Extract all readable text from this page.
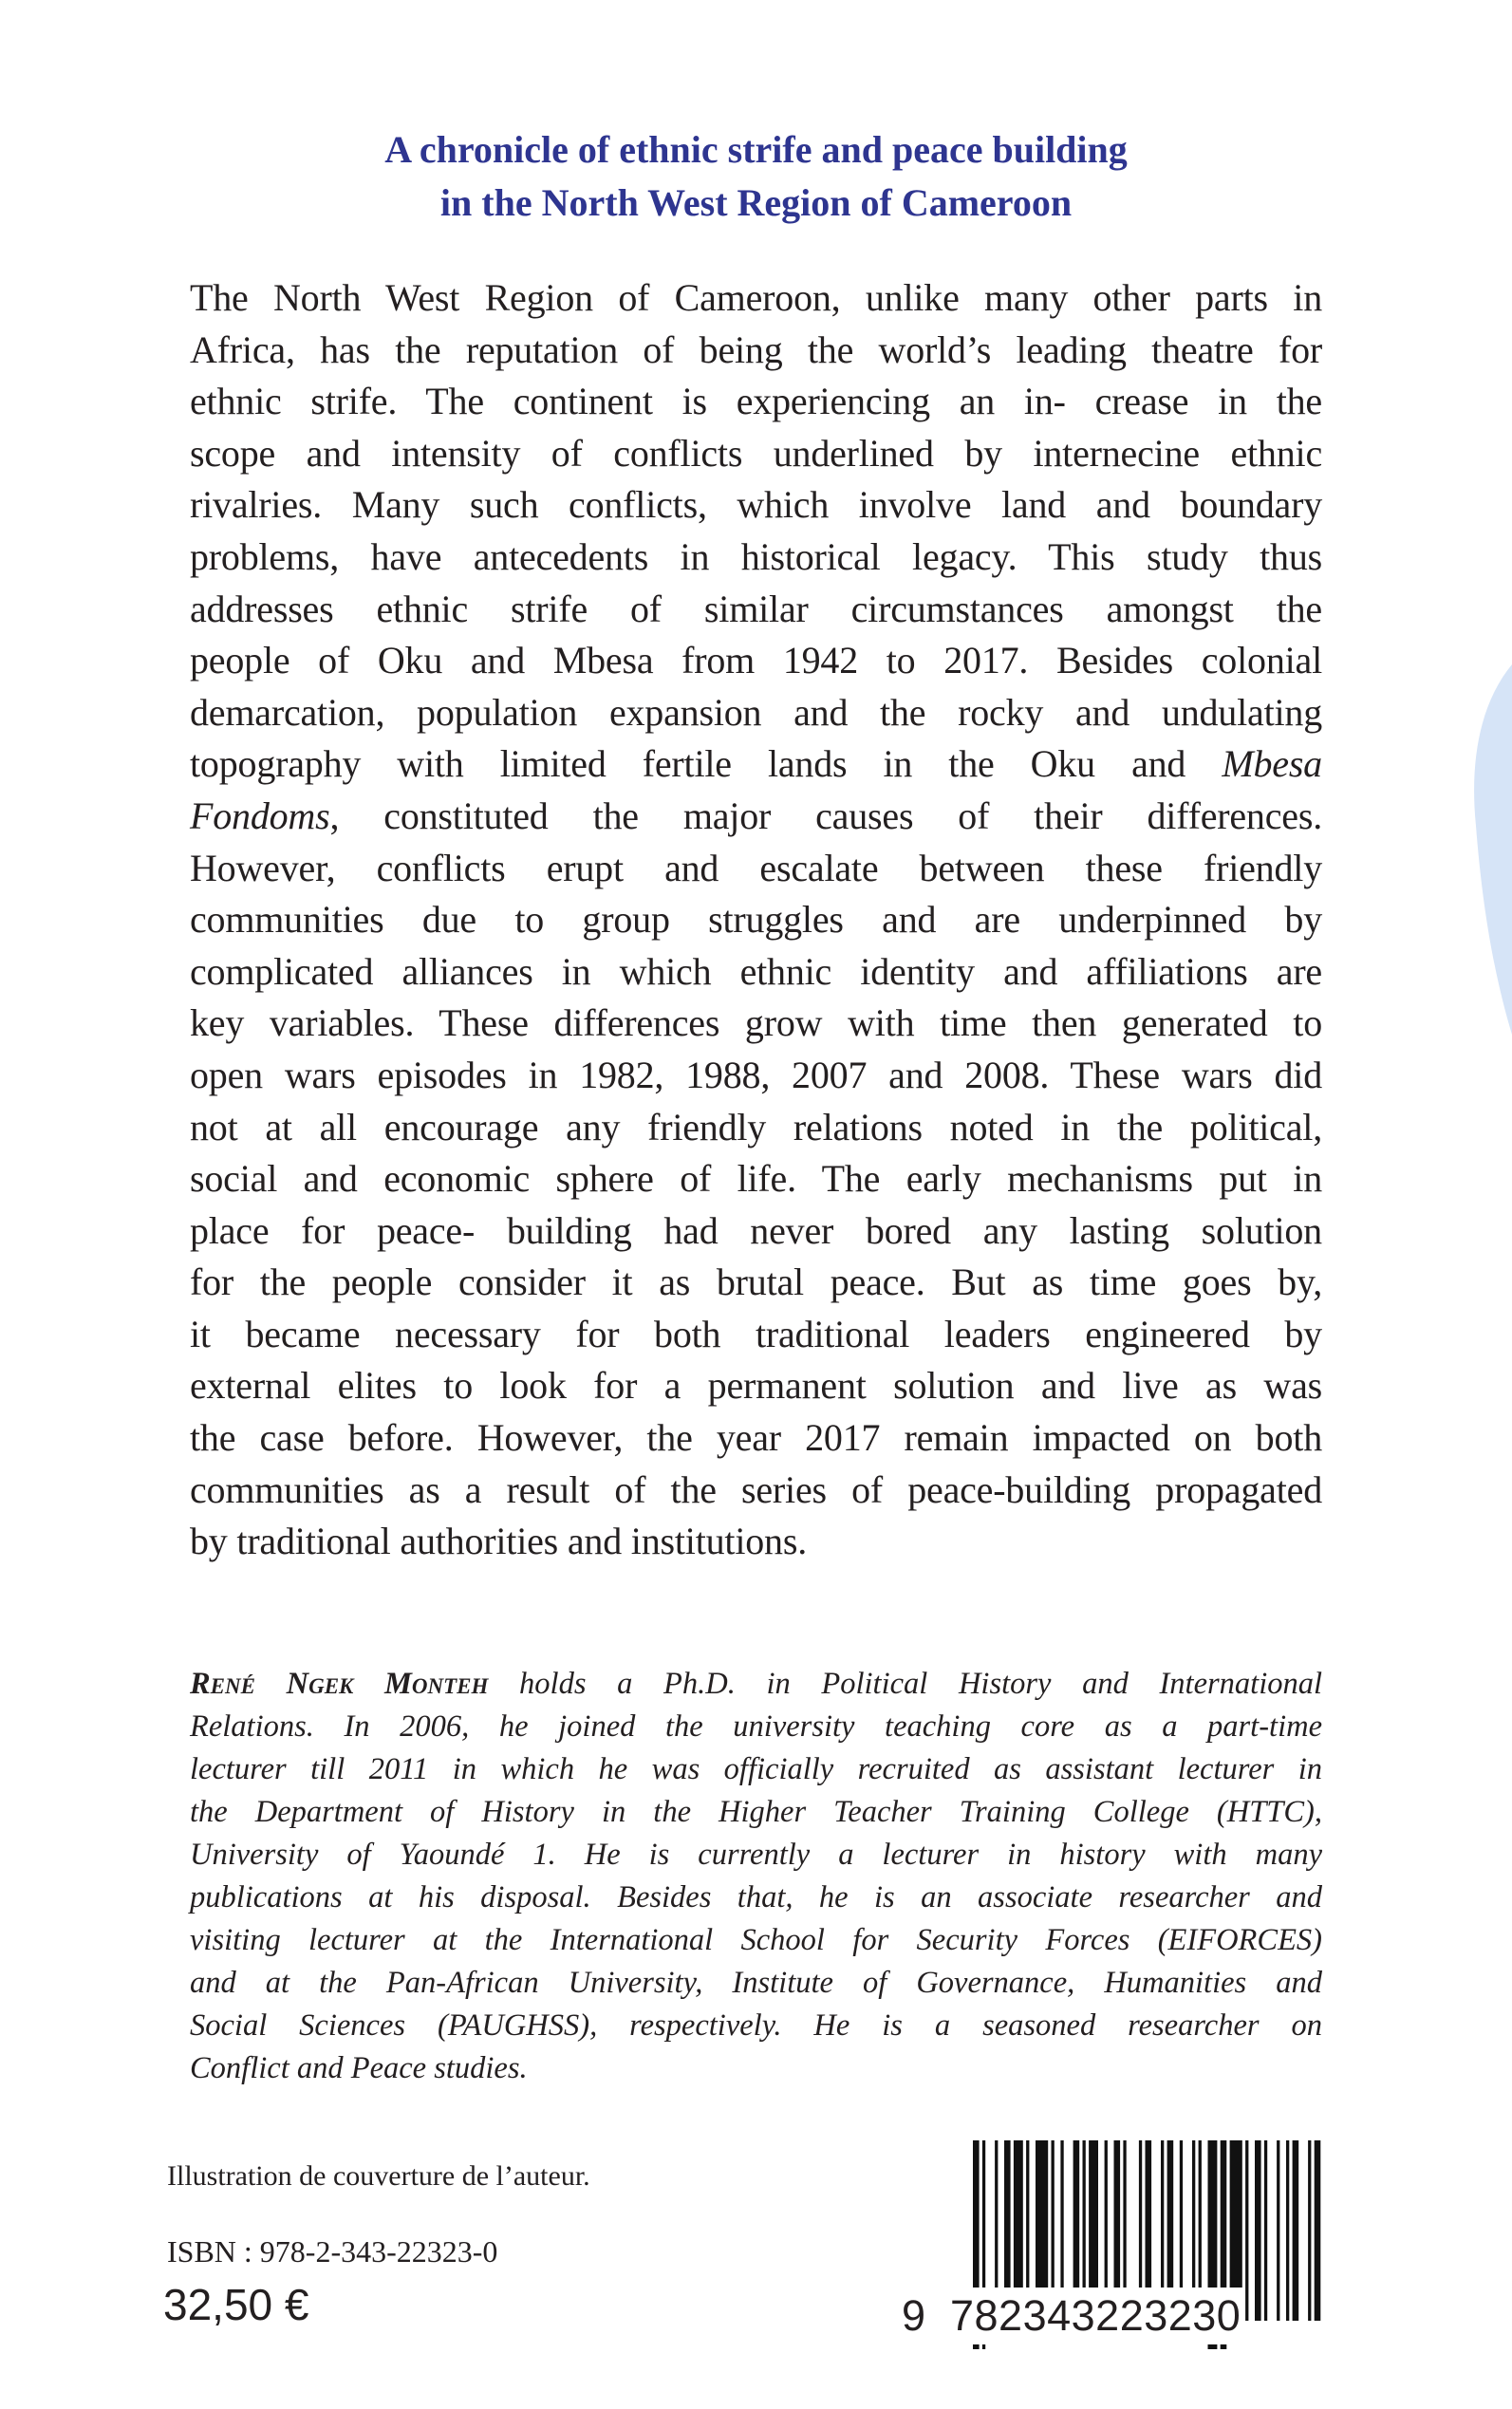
A chronicle of ethnic strife and peace building
in the North West Region of Cameroon
The North West Region of Cameroon, unlike many other parts in
Africa, has the reputation of being the world’s leading theatre for
ethnic strife. The continent is experiencing an in- crease in the
scope and intensity of conflicts underlined by internecine ethnic
rivalries. Many such conflicts, which involve land and boundary
problems, have antecedents in historical legacy. This study thus
addresses ethnic strife of similar circumstances amongst the
people of Oku and Mbesa from 1942 to 2017. Besides colonial
demarcation, population expansion and the rocky and undulating
topography with limited fertile lands in the Oku and Mbesa
Fondoms, constituted the major causes of their differences.
However, conflicts erupt and escalate between these friendly
communities due to group struggles and are underpinned by
complicated alliances in which ethnic identity and affiliations are
key variables. These differences grow with time then generated to
open wars episodes in 1982, 1988, 2007 and 2008. These wars did
not at all encourage any friendly relations noted in the political,
social and economic sphere of life. The early mechanisms put in
place for peace- building had never bored any lasting solution
for the people consider it as brutal peace. But as time goes by,
it became necessary for both traditional leaders engineered by
external elites to look for a permanent solution and live as was
the case before. However, the year 2017 remain impacted on both
communities as a result of the series of peace-building propagated
by traditional authorities and institutions.
René Ngek Monteh holds a Ph.D. in Political History and International
Relations. In 2006, he joined the university teaching core as a part-time
lecturer till 2011 in which he was officially recruited as assistant lecturer in
the Department of History in the Higher Teacher Training College (HTTC),
University of Yaoundé 1. He is currently a lecturer in history with many
publications at his disposal. Besides that, he is an associate researcher and
visiting lecturer at the International School for Security Forces (EIFORCES)
and at the Pan-African University, Institute of Governance, Humanities and
Social Sciences (PAUGHSS), respectively. He is a seasoned researcher on
Conflict and Peace studies.
Illustration de couverture de l’auteur.
ISBN : 978-2-343-22323-0
32,50 €	9 782343223230
